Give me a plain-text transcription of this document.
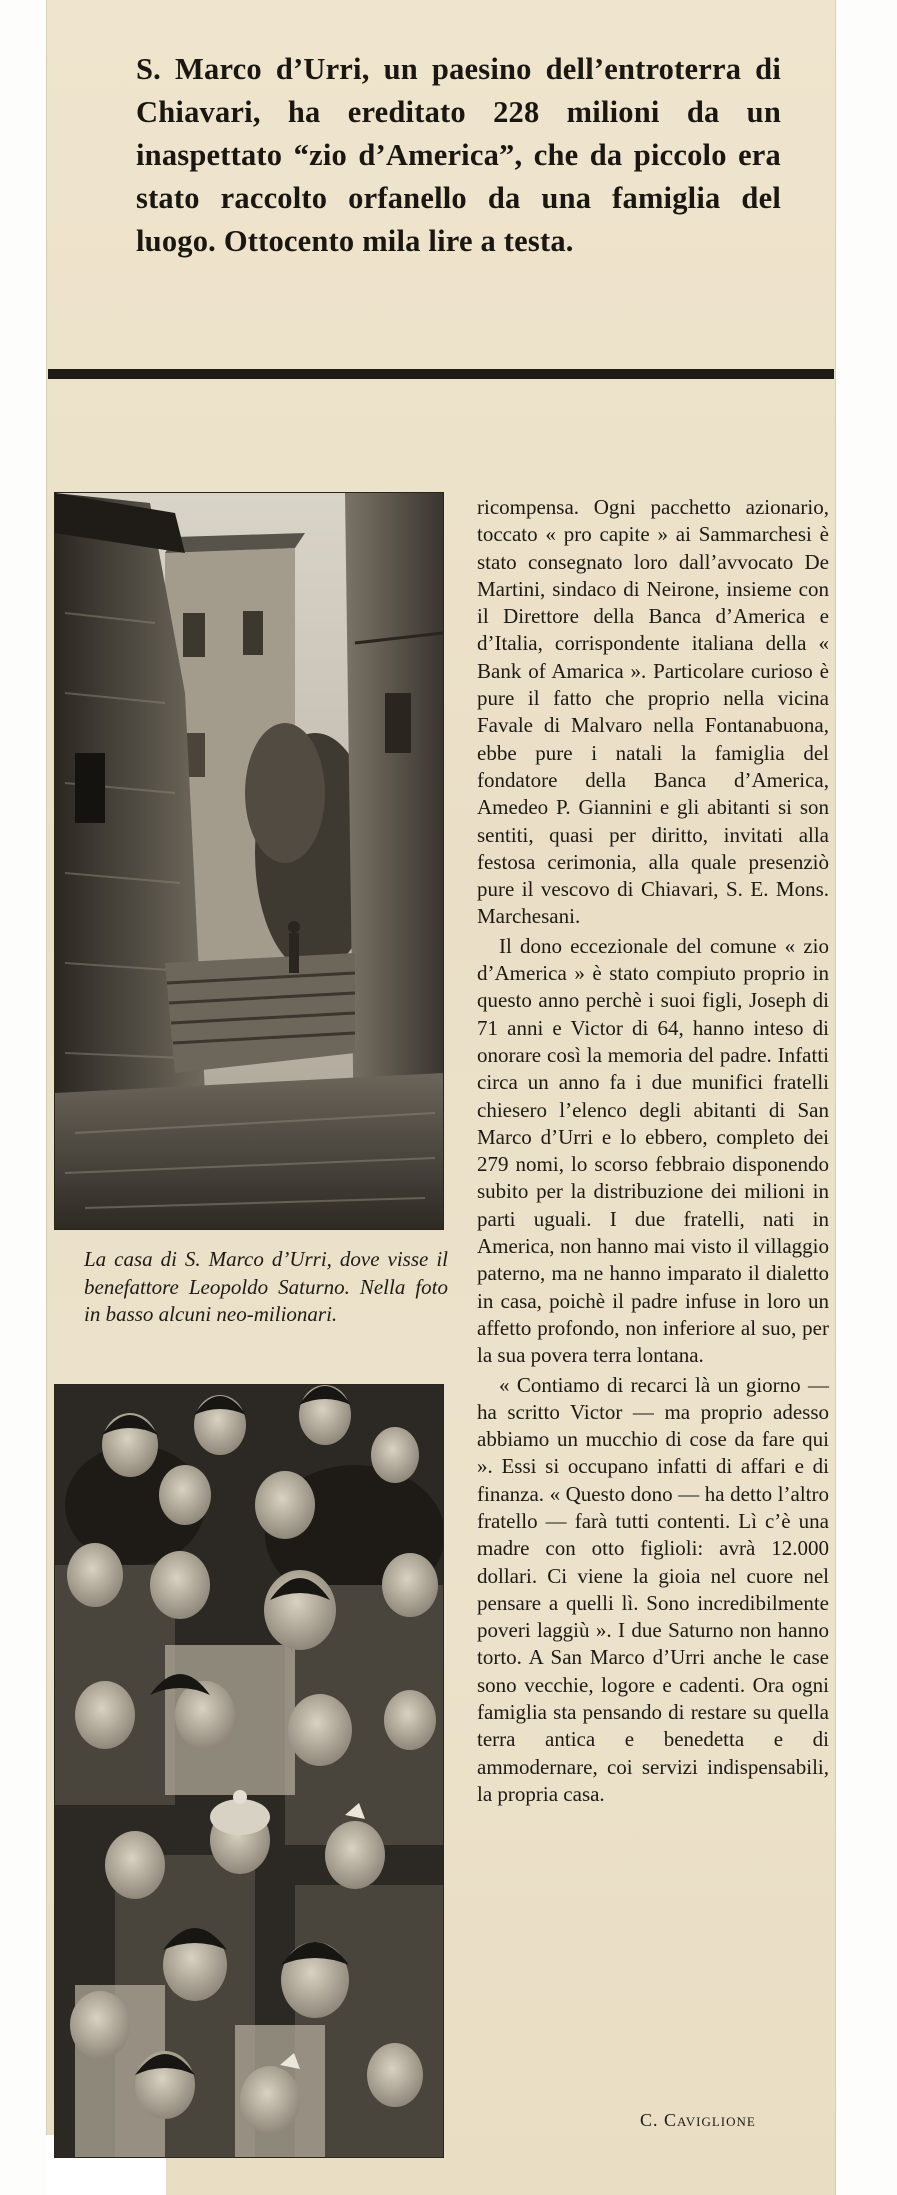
S. Marco d’Urri, un paesino dell’entroterra di Chiavari, ha ereditato 228 milioni da un inaspettato “zio d’America”, che da piccolo era stato raccolto orfanello da una famiglia del luogo. Ottocento mila lire a testa.
La casa di S. Marco d’Urri, dove visse il benefattore Leopoldo Saturno. Nella foto in basso alcuni neo-milionari.

ricompensa. Ogni pacchetto azionario, toccato « pro capite » ai Sammarchesi è stato consegnato loro dall’avvocato De Martini, sindaco di Neirone, insieme con il Direttore della Banca d’America e d’Italia, corrispondente italiana della « Bank of Amarica ». Particolare curioso è pure il fatto che proprio nella vicina Favale di Malvaro nella Fontanabuona, ebbe pure i natali la famiglia del fondatore della Banca d’America, Amedeo P. Giannini e gli abitanti si son sentiti, quasi per diritto, invitati alla festosa cerimonia, alla quale presenziò pure il vescovo di Chiavari, S. E. Mons. Marchesani.

Il dono eccezionale del comune « zio d’America » è stato compiuto proprio in questo anno perchè i suoi figli, Joseph di 71 anni e Victor di 64, hanno inteso di onorare così la memoria del padre. Infatti circa un anno fa i due munifici fratelli chiesero l’elenco degli abitanti di San Marco d’Urri e lo ebbero, completo dei 279 nomi, lo scorso febbraio disponendo subito per la distribuzione dei milioni in parti uguali. I due fratelli, nati in America, non hanno mai visto il villaggio paterno, ma ne hanno imparato il dialetto in casa, poichè il padre infuse in loro un affetto profondo, non inferiore al suo, per la sua povera terra lontana.

« Contiamo di recarci là un giorno — ha scritto Victor — ma proprio adesso abbiamo un mucchio di cose da fare qui ». Essi si occupano infatti di affari e di finanza. « Questo dono — ha detto l’altro fratello — farà tutti contenti. Lì c’è una madre con otto figlioli: avrà 12.000 dollari. Ci viene la gioia nel cuore nel pensare a quelli lì. Sono incredibilmente poveri laggiù ». I due Saturno non hanno torto. A San Marco d’Urri anche le case sono vecchie, logore e cadenti. Ora ogni famiglia sta pensando di restare su quella terra antica e benedetta e di ammodernare, coi servizi indispensabili, la propria casa.

C. Caviglione
